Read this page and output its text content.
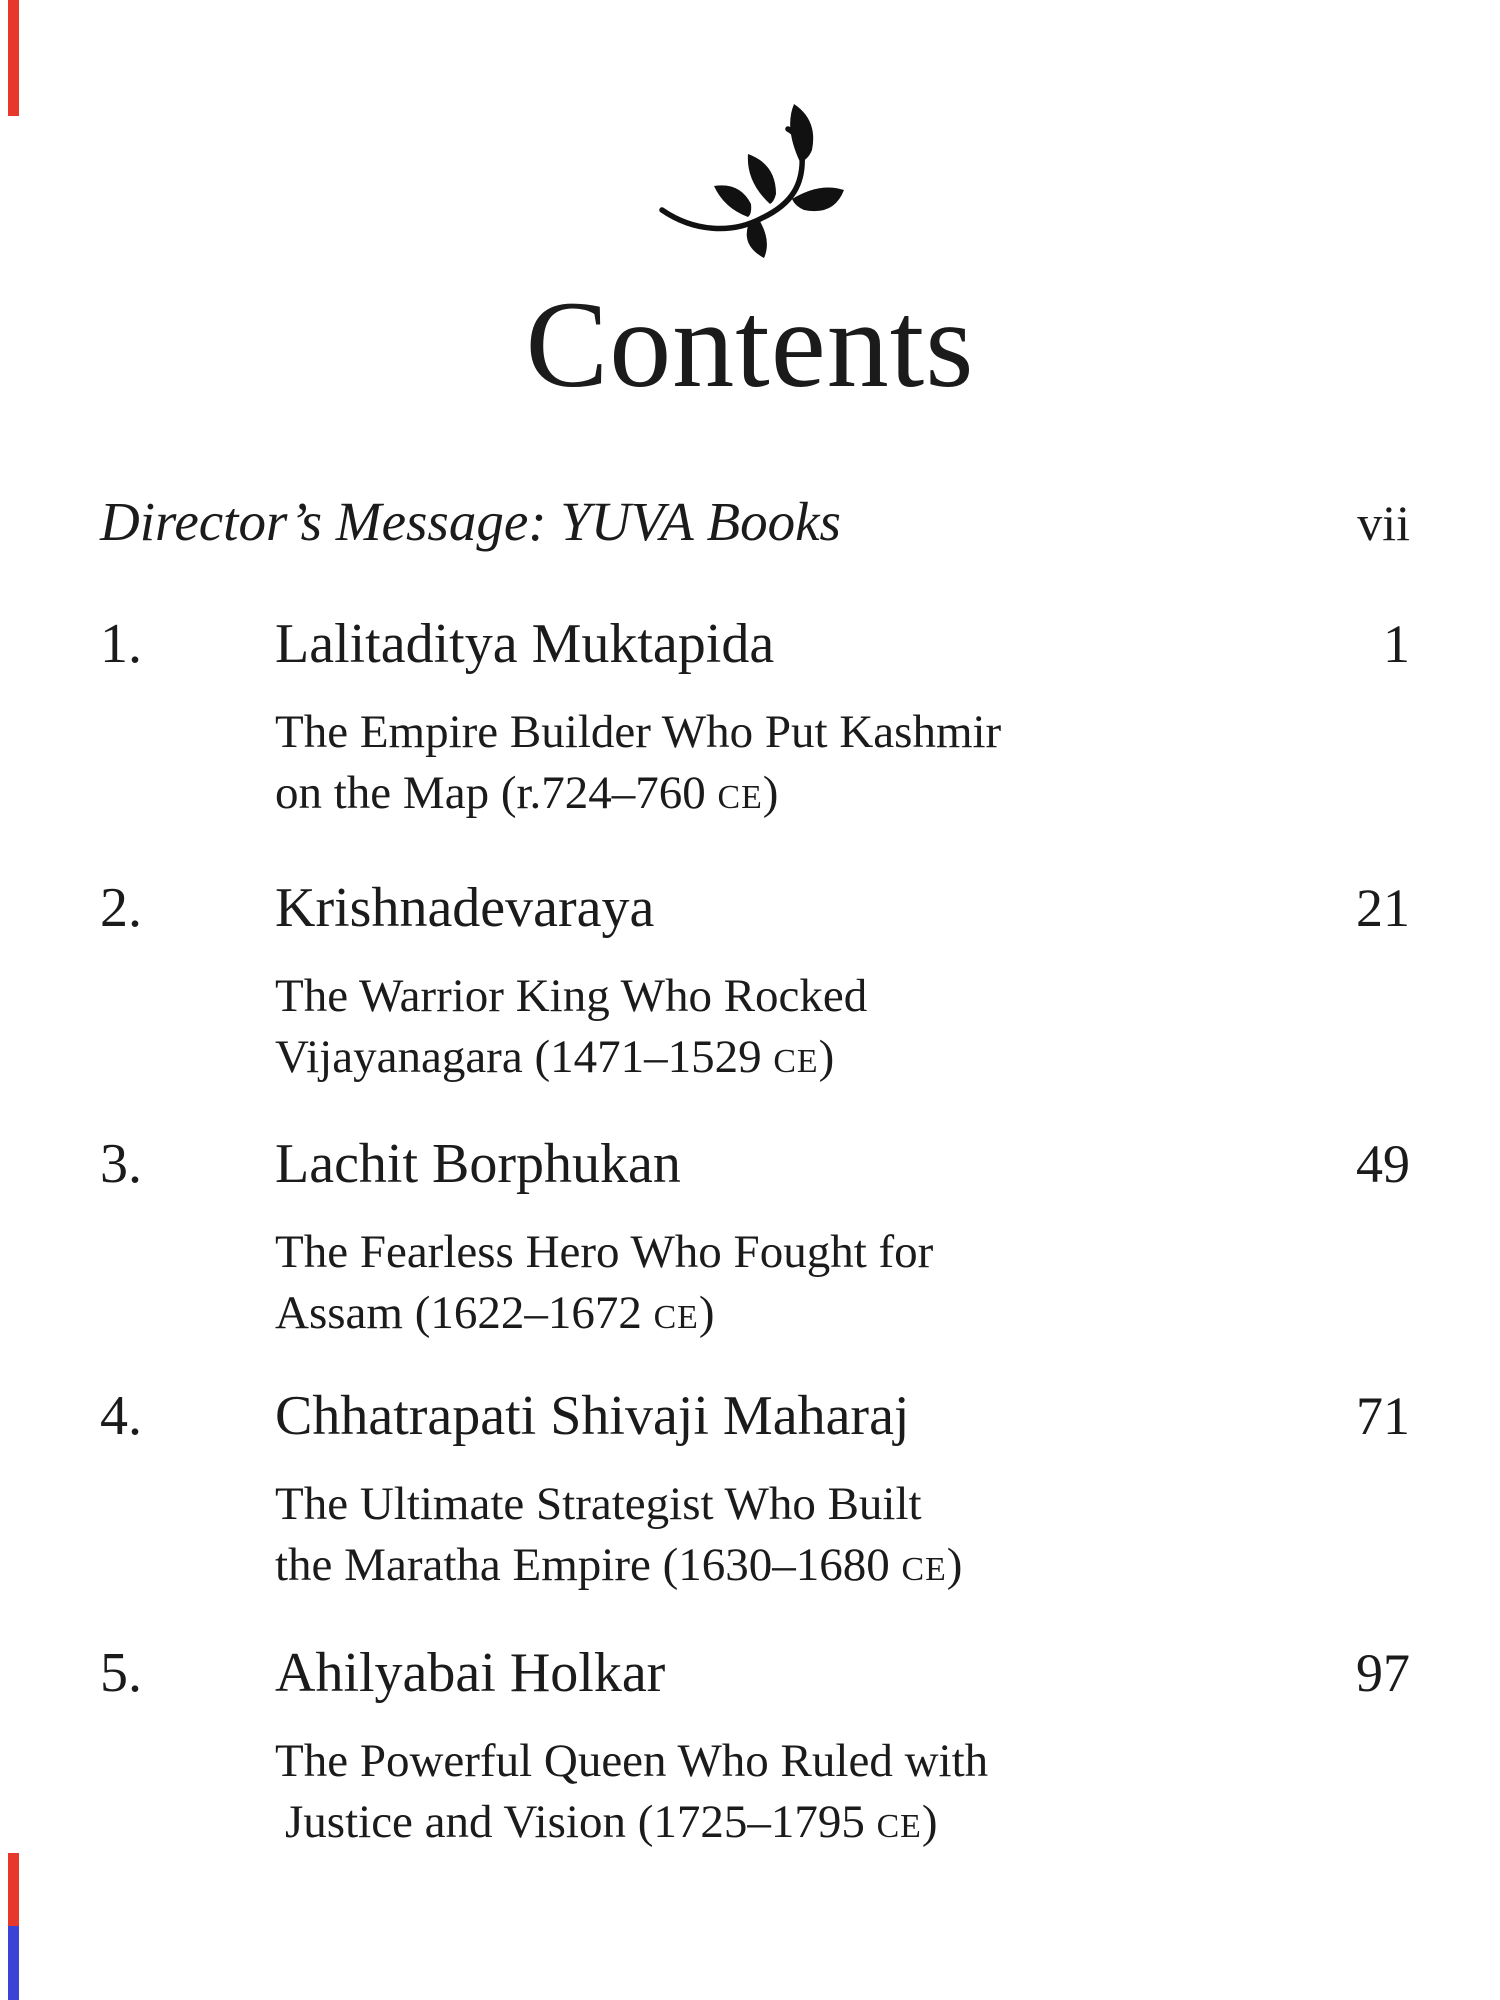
Contents
Director’s Message: YUVA Books	vii
1.	Lalitaditya Muktapida	1
The Empire Builder Who Put Kashmir
on the Map (r.724–760 CE)
2.	Krishnadevaraya	21
The Warrior King Who Rocked
Vijayanagara (1471–1529 CE)
3.	Lachit Borphukan	49
The Fearless Hero Who Fought for
Assam (1622–1672 CE)
4.	Chhatrapati Shivaji Maharaj	71
The Ultimate Strategist Who Built
the Maratha Empire (1630–1680 CE)
5.	Ahilyabai Holkar	97
The Powerful Queen Who Ruled with
Justice and Vision (1725–1795 CE)
